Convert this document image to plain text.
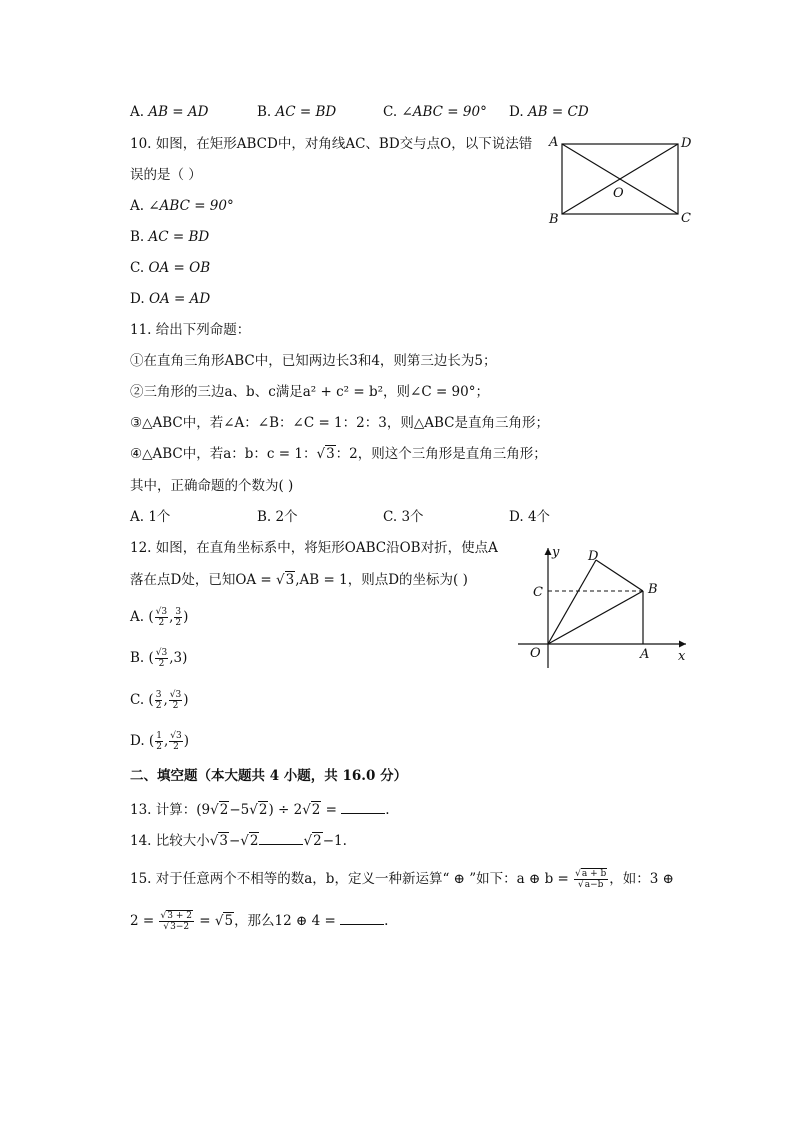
A. AB = AD	B. AC = BD	C. ∠ABC = 90° D. AB = CD
10. 如图，在矩形ABCD中，对角线AC、BD交与点O，以下说法错
误的是（ ）
A. ∠ABC = 90°
B. AC = BD
C. OA = OB
D. OA = AD
A	D
B	C
O
11. 给出下列命题：
①在直角三角形ABC中，已知两边长3和4，则第三边长为5；
②三角形的三边a、b、c满足a² + c² = b²，则∠C = 90°；
③△ABC中，若∠A：∠B：∠C = 1：2：3，则△ABC是直角三角形；
④△ABC中，若a：b：c = 1：√3：2，则这个三角形是直角三角形；
其中，正确命题的个数为( )
A. 1个	B. 2个	C. 3个	D. 4个
12. 如图，在直角坐标系中，将矩形OABC沿OB对折，使点A
落在点D处，已知OA = √3,AB = 1，则点D的坐标为( )
A. ( $\frac{√3}{2}$ , $\frac{3}{2}$ )
B. ( $\frac{√3}{2} ,3$)
C. ( $\frac{3}{2}$ , $\frac{√3}{2}$ )
D. ( $\frac{1}{2}$ , $\frac{√3}{2}$ )
y
x
D
C	B
O	A
二、填空题（本大题共 4 小题，共 16.0 分）
13. 计算：(9√2−5√2) ÷ 2√2 =	.
14. 比较大小√3−√2	√2−1.
15. 对于任意两个不相等的数a，b，定义一种新运算“ ⊕ ”如下：a ⊕ $b = \frac{√a + b}{√a-b}$ ，如：3 ⊕
$2 = \frac{√3 + 2}{√3-2} = √5$，那么12 ⊕ 4 =	.
